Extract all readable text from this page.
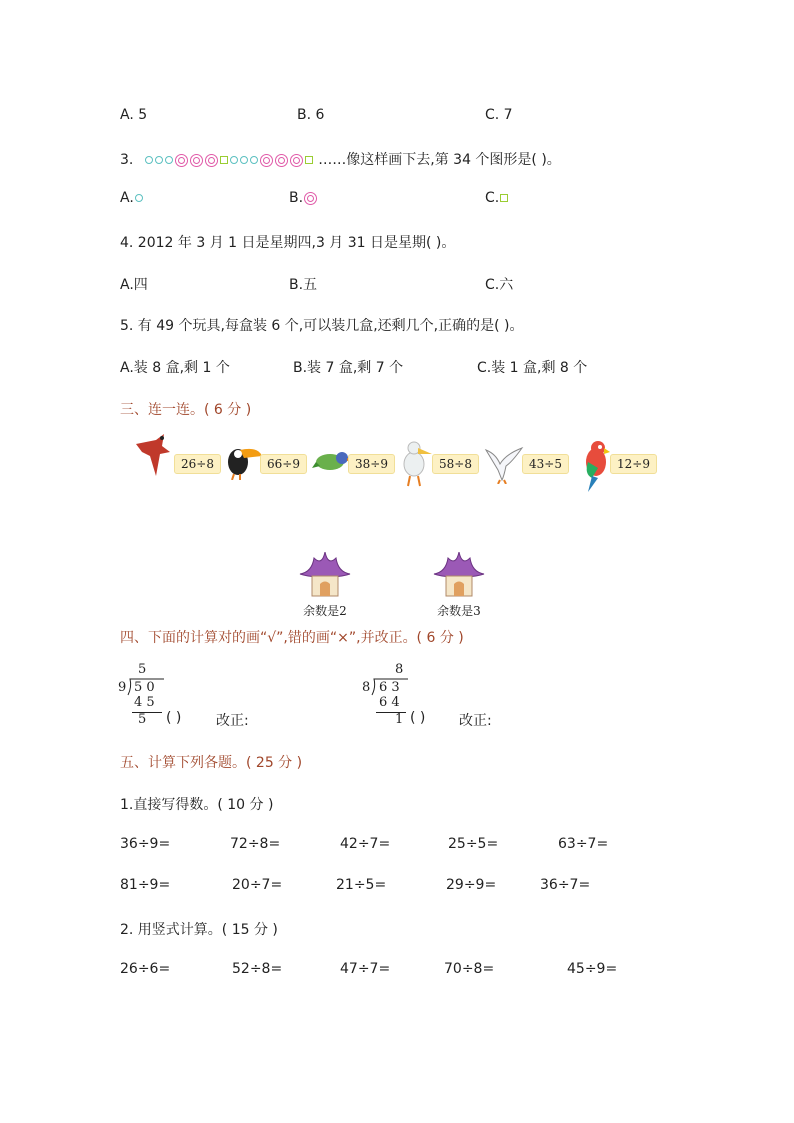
A. 5	B. 6	C. 7
3.	……像这样画下去,第 34 个图形是( )。
A.	B.	C.
4. 2012 年 3 月 1 日是星期四,3 月 31 日是星期( )。
A.四	B.五	C.六
5. 有 49 个玩具,每盒装 6 个,可以装几盒,还剩几个,正确的是( )。
A.装 8 盒,剩 1 个	B.装 7 盒,剩 7 个	C.装 1 盒,剩 8 个
三、连一连。( 6 分 )
26÷8	66÷9	38÷9	58÷8	43÷5	12÷9
余数是2	余数是3
四、下面的计算对的画“√”,错的画“×”,并改正。( 6 分 )
5
9 5 0
4 5
5 ( ) 改正:
8
8 6 3
6 4
1 ( ) 改正:
五、计算下列各题。( 25 分 )
1.直接写得数。( 10 分 )
36÷9=	72÷8=	42÷7=	25÷5=	63÷7=
81÷9=	20÷7=	21÷5=	29÷9=	36÷7=
2. 用竖式计算。( 15 分 )
26÷6=	52÷8=	47÷7=	70÷8=	45÷9=
